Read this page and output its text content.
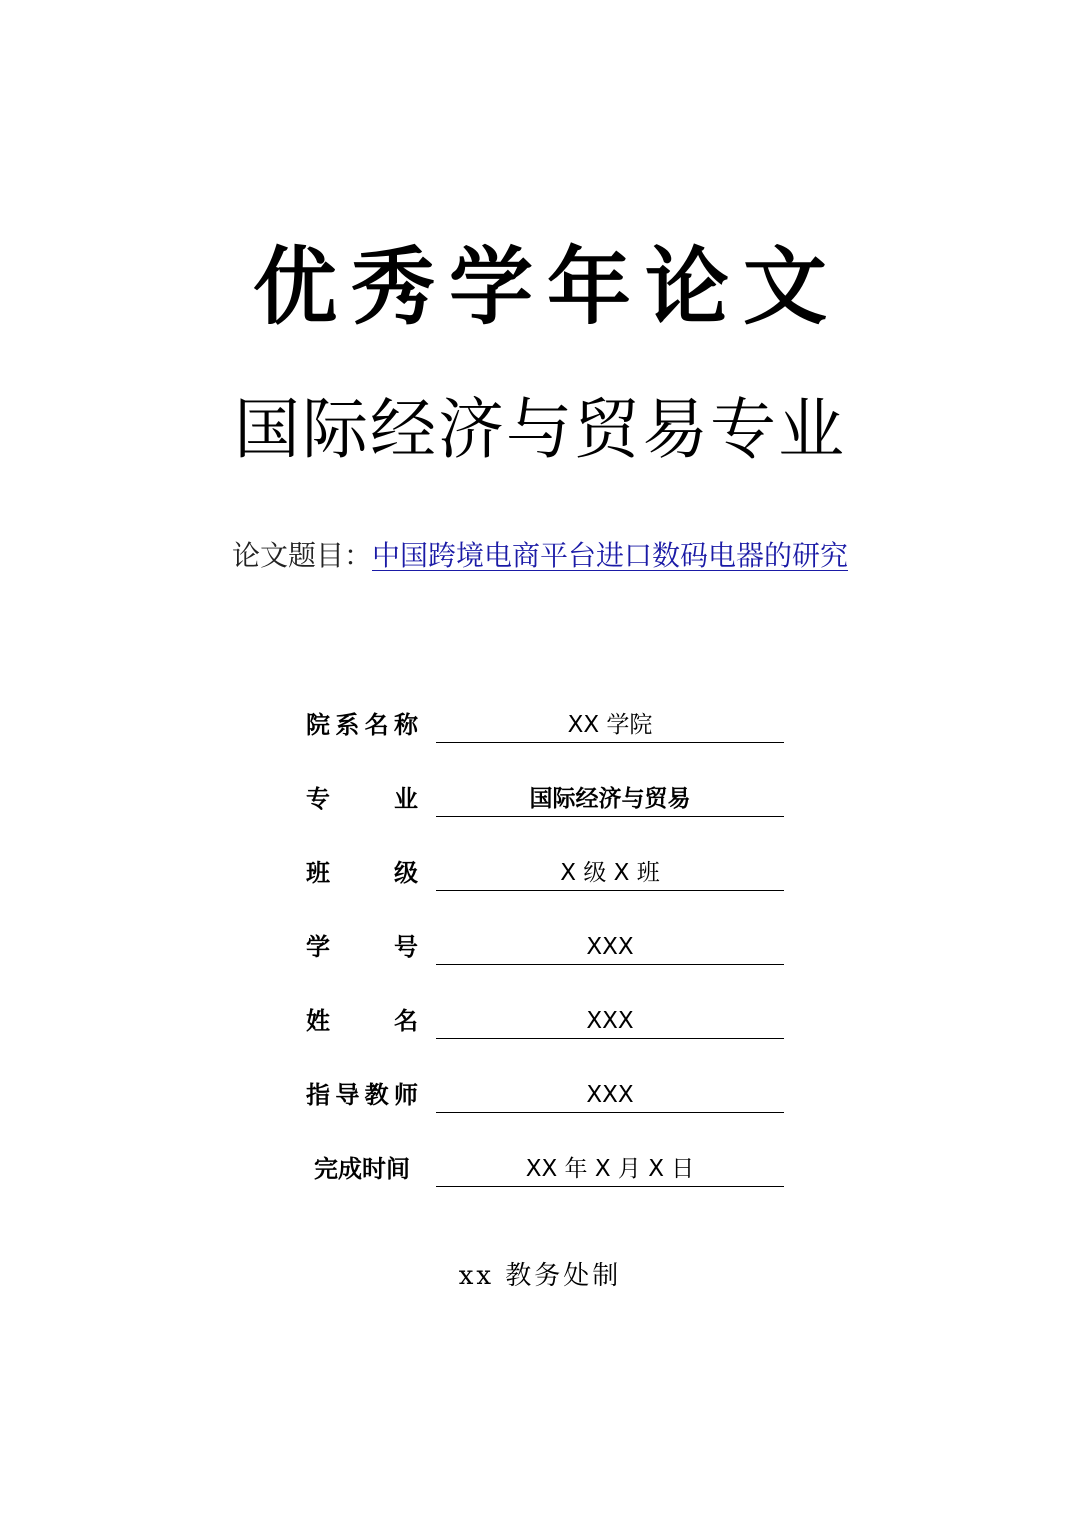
优秀学年论文
国际经济与贸易专业
论文题目：中国跨境电商平台进口数码电器的研究
院 系 名 称	XX 学院
专	业	国际经济与贸易
班	级	X 级 X 班
学	号	XXX
姓	名	XXX
指 导 教 师	XXX
完成时间	XX 年 X 月 X 日
xx 教务处制
